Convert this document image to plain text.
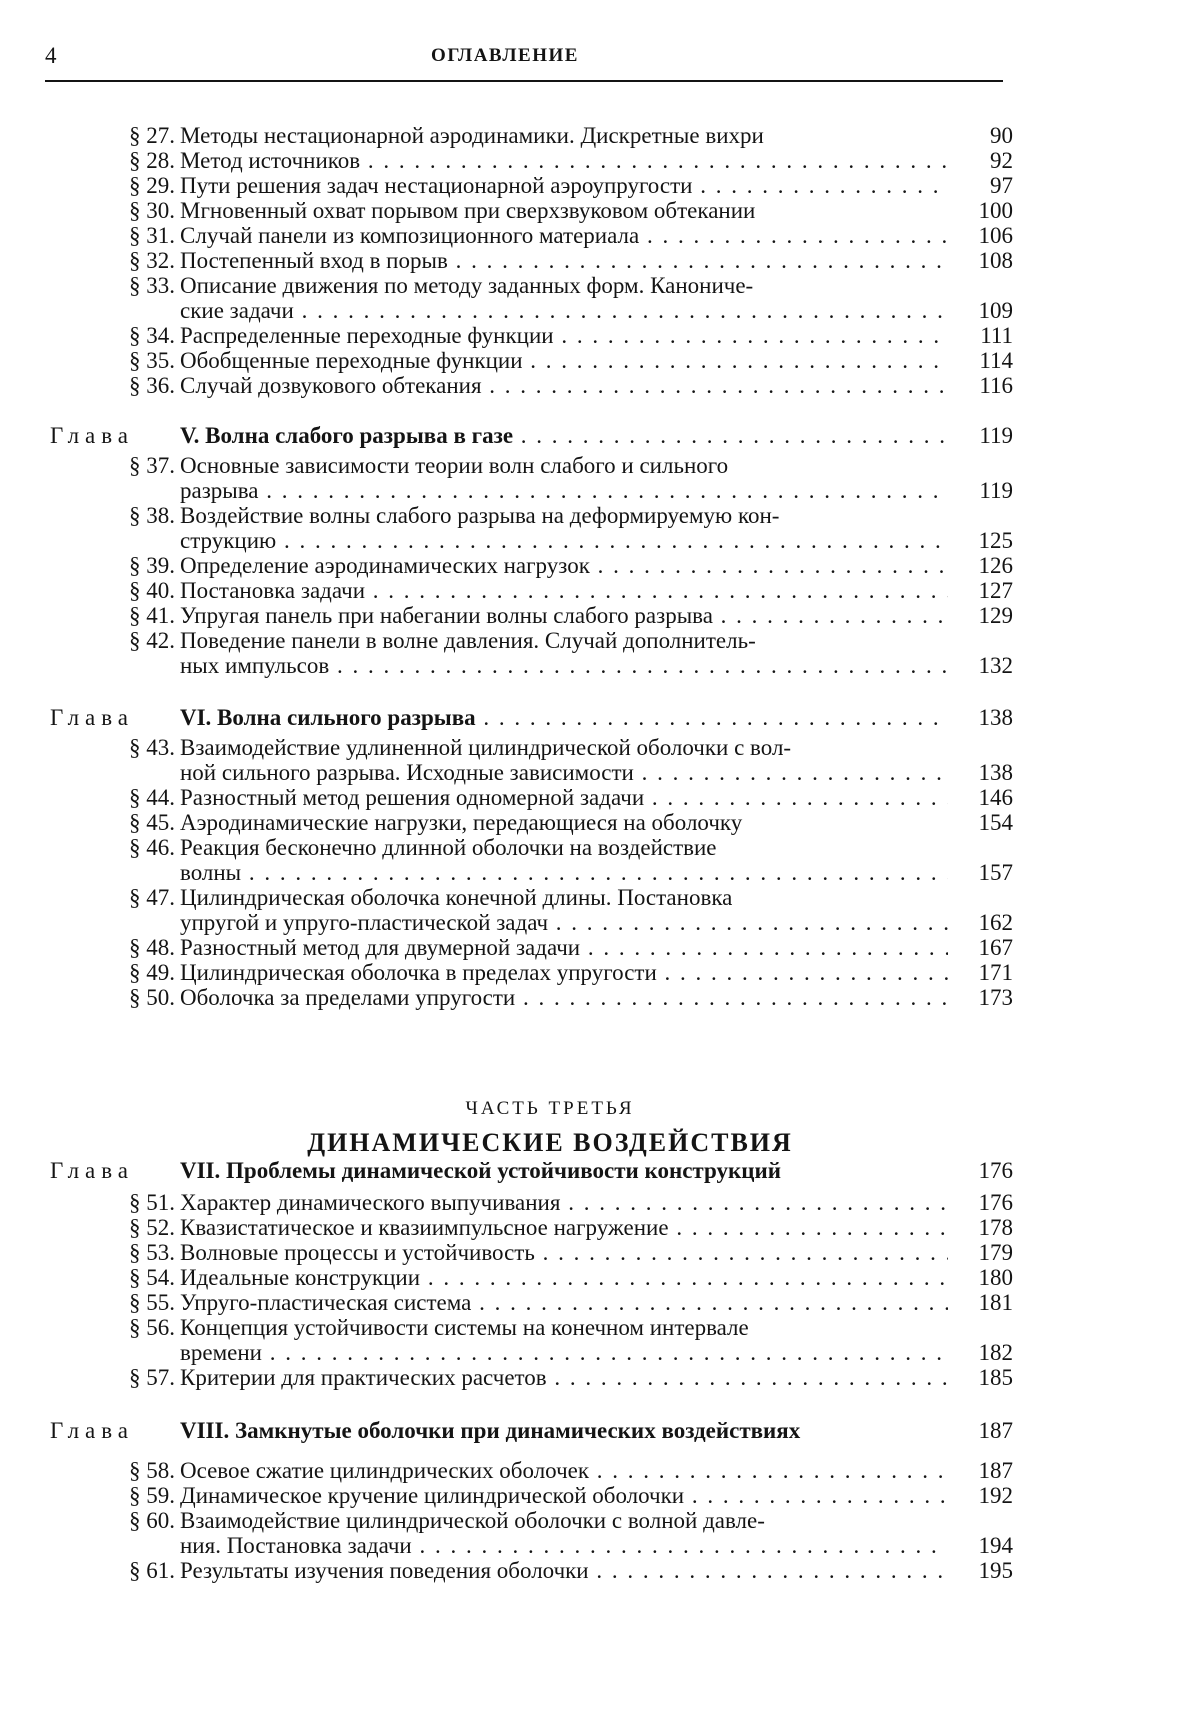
4	ОГЛАВЛЕНИЕ
§ 27. Методы нестационарной аэродинамики. Дискретные вихри	90
§ 28. Метод источников . . .	92
§ 29. Пути решения задач нестационарной аэроупругости . . .	97
§ 30. Мгновенный охват порывом при сверхзвуковом обтекании	100
§ 31. Случай панели из композиционного материала . . .	106
§ 32. Постепенный вход в порыв . . .	108
§ 33. Описание движения по методу заданных форм. Канониче-
ские задачи . . .	109
§ 34. Распределенные переходные функции . . .	111
§ 35. Обобщенные переходные функции . . .	114
§ 36. Случай дозвукового обтекания . . .	116
Глава V. Волна слабого разрыва в газе . . .	119
§ 37. Основные зависимости теории волн слабого и сильного
разрыва . . .	119
§ 38. Воздействие волны слабого разрыва на деформируемую кон-
струкцию . . .	125
§ 39. Определение аэродинамических нагрузок . . .	126
§ 40. Постановка задачи . . .	127
§ 41. Упругая панель при набегании волны слабого разрыва . . .	129
§ 42. Поведение панели в волне давления. Случай дополнитель-
ных импульсов . . .	132
Глава VI. Волна сильного разрыва . . .	138
§ 43. Взаимодействие удлиненной цилиндрической оболочки с вол-
ной сильного разрыва. Исходные зависимости . . .	138
§ 44. Разностный метод решения одномерной задачи . . .	146
§ 45. Аэродинамические нагрузки, передающиеся на оболочку	154
§ 46. Реакция бесконечно длинной оболочки на воздействие
волны . . .	157
§ 47. Цилиндрическая оболочка конечной длины. Постановка
упругой и упруго-пластической задач . . .	162
§ 48. Разностный метод для двумерной задачи . . .	167
§ 49. Цилиндрическая оболочка в пределах упругости . . .	171
§ 50. Оболочка за пределами упругости . . .	173
Глава VII. Проблемы динамической устойчивости конструкций	176
§ 51. Характер динамического выпучивания . . .	176
§ 52. Квазистатическое и квазиимпульсное нагружение . . .	178
§ 53. Волновые процессы и устойчивость . . .	179
§ 54. Идеальные конструкции . . .	180
§ 55. Упруго-пластическая система . . .	181
§ 56. Концепция устойчивости системы на конечном интервале
времени . . .	182
§ 57. Критерии для практических расчетов . . .	185
Глава VIII. Замкнутые оболочки при динамических воздействиях	187
§ 58. Осевое сжатие цилиндрических оболочек . . .	187
§ 59. Динамическое кручение цилиндрической оболочки . . .	192
§ 60. Взаимодействие цилиндрической оболочки с волной давле-
ния. Постановка задачи . . .	194
§ 61. Результаты изучения поведения оболочки . . .	195
ЧАСТЬ ТРЕТЬЯ
ДИНАМИЧЕСКИЕ ВОЗДЕЙСТВИЯ
